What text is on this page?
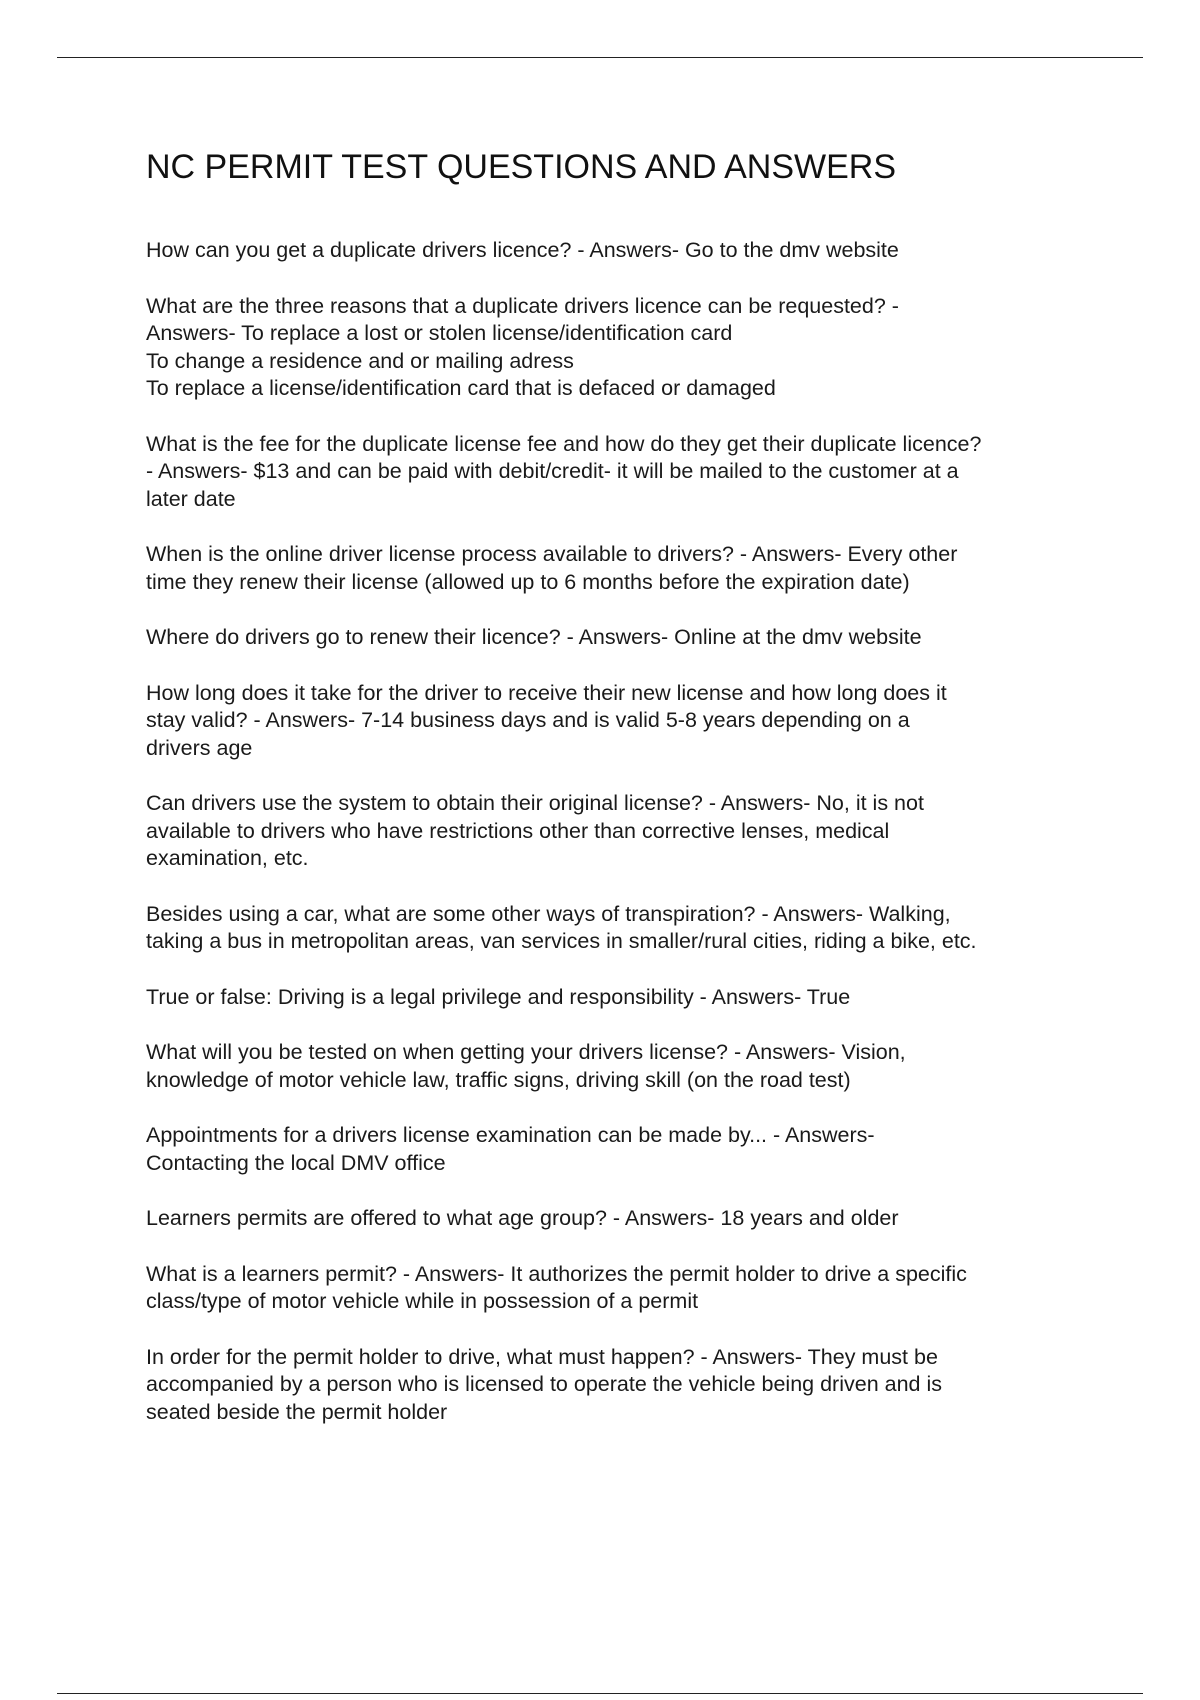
NC PERMIT TEST QUESTIONS AND ANSWERS

How can you get a duplicate drivers licence? - Answers- Go to the dmv website

What are the three reasons that a duplicate drivers licence can be requested? -
Answers- To replace a lost or stolen license/identification card
To change a residence and or mailing adress
To replace a license/identification card that is defaced or damaged

What is the fee for the duplicate license fee and how do they get their duplicate licence?
- Answers- $13 and can be paid with debit/credit- it will be mailed to the customer at a
later date

When is the online driver license process available to drivers? - Answers- Every other
time they renew their license (allowed up to 6 months before the expiration date)

Where do drivers go to renew their licence? - Answers- Online at the dmv website

How long does it take for the driver to receive their new license and how long does it
stay valid? - Answers- 7-14 business days and is valid 5-8 years depending on a
drivers age

Can drivers use the system to obtain their original license? - Answers- No, it is not
available to drivers who have restrictions other than corrective lenses, medical
examination, etc.

Besides using a car, what are some other ways of transpiration? - Answers- Walking,
taking a bus in metropolitan areas, van services in smaller/rural cities, riding a bike, etc.

True or false: Driving is a legal privilege and responsibility - Answers- True

What will you be tested on when getting your drivers license? - Answers- Vision,
knowledge of motor vehicle law, traffic signs, driving skill (on the road test)

Appointments for a drivers license examination can be made by... - Answers-
Contacting the local DMV office

Learners permits are offered to what age group? - Answers- 18 years and older

What is a learners permit? - Answers- It authorizes the permit holder to drive a specific
class/type of motor vehicle while in possession of a permit

In order for the permit holder to drive, what must happen? - Answers- They must be
accompanied by a person who is licensed to operate the vehicle being driven and is
seated beside the permit holder
